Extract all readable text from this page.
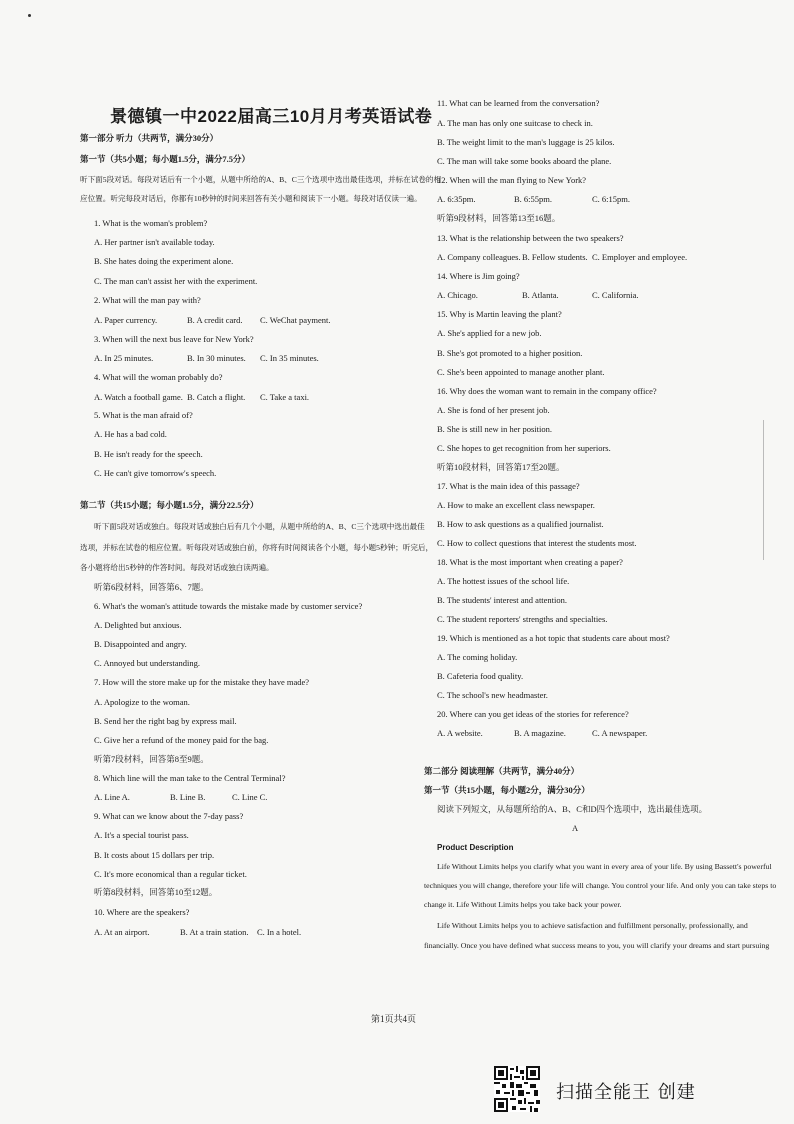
景德镇一中2022届高三10月月考英语试卷
第一部分 听力（共两节，满分30分）
第一节（共5小题；每小题1.5分，满分7.5分）
听下面5段对话。每段对话后有一个小题，从题中所给的A、B、C三个选项中选出最佳选项，并标在试卷的相
应位置。听完每段对话后，你都有10秒钟的时间来回答有关小题和阅读下一小题。每段对话仅读一遍。
1. What is the woman's problem?
A. Her partner isn't available today.
B. She hates doing the experiment alone.
C. The man can't assist her with the experiment.
2. What will the man pay with?
A. Paper currency.	B. A credit card. C. WeChat payment.
3. When will the next bus leave for New York?
A. In 25 minutes.	B. In 30 minutes. C. In 35 minutes.
4. What will the woman probably do?
A. Watch a football game. B. Catch a flight. C. Take a taxi.
5. What is the man afraid of?
A. He has a bad cold.
B. He isn't ready for the speech.
C. He can't give tomorrow's speech.
第二节（共15小题；每小题1.5分，满分22.5分）
听下面5段对话或独白。每段对话或独白后有几个小题，从题中所给的A、B、C三个选项中选出最佳
选项，并标在试卷的相应位置。听每段对话或独白前，你将有时间阅读各个小题，每小题5秒钟；听完后，
各小题将给出5秒钟的作答时间。每段对话或独白读两遍。
听第6段材料，回答第6、7题。
6. What's the woman's attitude towards the mistake made by customer service?
A. Delighted but anxious.
B. Disappointed and angry.
C. Annoyed but understanding.
7. How will the store make up for the mistake they have made?
A. Apologize to the woman.
B. Send her the right bag by express mail.
C. Give her a refund of the money paid for the bag.
听第7段材料，回答第8至9题。
8. Which line will the man take to the Central Terminal?
A. Line A.	B. Line B.	C. Line C.
9. What can we know about the 7-day pass?
A. It's a special tourist pass.
B. It costs about 15 dollars per trip.
C. It's more economical than a regular ticket.
听第8段材料，回答第10至12题。
10. Where are the speakers?
A. At an airport.	B. At a train station. C. In a hotel.
11. What can be learned from the conversation?
A. The man has only one suitcase to check in.
B. The weight limit to the man's luggage is 25 kilos.
C. The man will take some books aboard the plane.
12. When will the man flying to New York?
A. 6:35pm.	B. 6:55pm.	C. 6:15pm.
听第9段材料，回答第13至16题。
13. What is the relationship between the two speakers?
A. Company colleagues. B. Fellow students. C. Employer and employee.
14. Where is Jim going?
A. Chicago.	B. Atlanta.	C. California.
15. Why is Martin leaving the plant?
A. She's applied for a new job.
B. She's got promoted to a higher position.
C. She's been appointed to manage another plant.
16. Why does the woman want to remain in the company office?
A. She is fond of her present job.
B. She is still new in her position.
C. She hopes to get recognition from her superiors.
听第10段材料，回答第17至20题。
17. What is the main idea of this passage?
A. How to make an excellent class newspaper.
B. How to ask questions as a qualified journalist.
C. How to collect questions that interest the students most.
18. What is the most important when creating a paper?
A. The hottest issues of the school life.
B. The students' interest and attention.
C. The student reporters' strengths and specialties.
19. Which is mentioned as a hot topic that students care about most?
A. The coming holiday.
B. Cafeteria food quality.
C. The school's new headmaster.
20. Where can you get ideas of the stories for reference?
A. A website.	B. A magazine.	C. A newspaper.
第二部分 阅读理解（共两节，满分40分）
第一节（共15小题，每小题2分，满分30分）
阅读下列短文，从每题所给的A、B、C和D四个选项中，选出最佳选项。
A
Product Description
Life Without Limits helps you clarify what you want in every area of your life. By using Bassett's powerful
techniques you will change, therefore your life will change. You control your life. And only you can take steps to
change it. Life Without Limits helps you take back your power.
Life Without Limits helps you to achieve satisfaction and fulfillment personally, professionally, and
financially. Once you have defined what success means to you, you will clarify your dreams and start pursuing
第1页共4页
扫描全能王 创建
